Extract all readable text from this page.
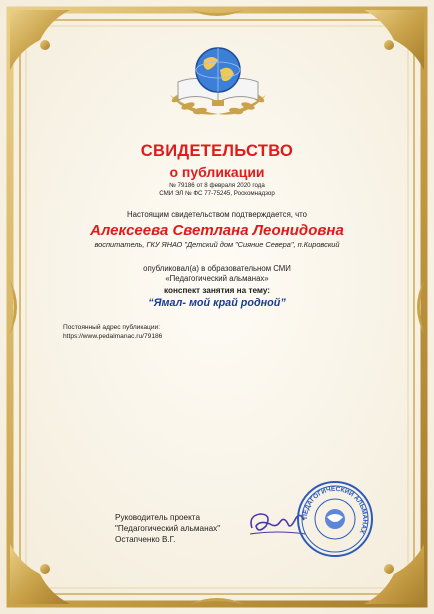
СВИДЕТЕЛЬСТВО
о публикации
№ 79186 от 8 февраля 2020 года
СМИ ЭЛ № ФС 77-75245, Роскомнадзор
Настоящим свидетельством подтверждается, что
Алексеева Светлана Леонидовна
воспитатель, ГКУ ЯНАО "Детский дом "Сияние Севера", п.Кировский
опубликовал(а) в образовательном СМИ
«Педагогический альманах»
конспект занятия на тему:
“Ямал- мой край родной”
Постоянный адрес публикации:
https://www.pedalmanac.ru/79186
Руководитель проекта
"Педагогический альманах"
Остапченко В.Г.
ПЕДАГОГИЧЕСКИЙ АЛЬМАНАХ
